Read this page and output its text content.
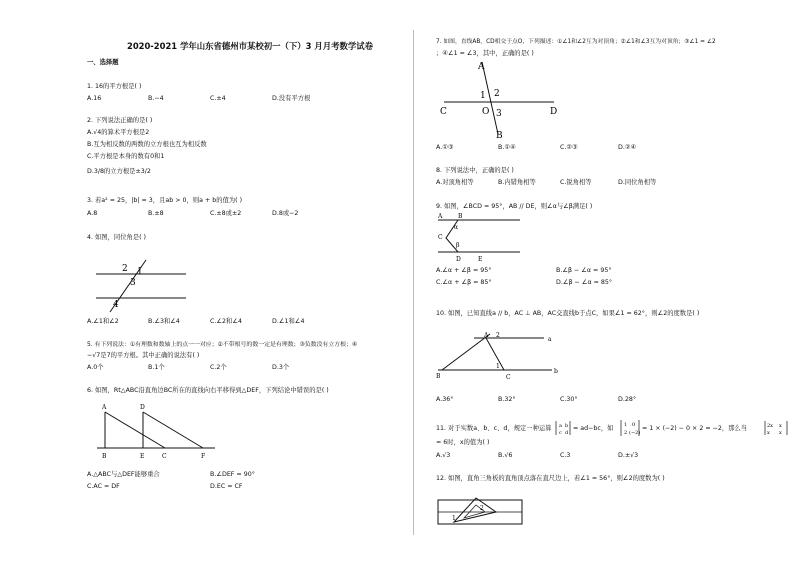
2020-2021 学年山东省德州市某校初一（下）3 月月考数学试卷
一、选择题
1. 16的平方根是( )
A.16	B.−4	C.±4	D.没有平方根
2. 下列说法正确的是( )
A.√4的算术平方根是2
B.互为相反数的两数的立方根也互为相反数
C.平方根是本身的数有0和1
D.3/8的立方根是±3/2
3. 若a² = 25，|b| = 3，且ab > 0，则a + b的值为( )
A.8	B.±8	C.±8或±2	D.8或−2
4. 如图，同位角是( )
2 1
3
4
A.∠1和∠2	B.∠3和∠4	C.∠2和∠4	D.∠1和∠4
5. 有下列说法：①有理数和数轴上的点一一对应；②不带根号的数一定是有理数；③负数没有立方根；④
−√7是7的平方根。其中正确的说法有( )
A.0个	B.1个	C.2个	D.3个
6. 如图，Rt△ABC沿直角边BC所在的直线向右平移得到△DEF，下列结论中错误的是( )
A	D
B	E	C	F
A.△ABC与△DEF能够重合	B.∠DEF = 90°
C.AC = DF	D.EC = CF
7. 如图，直线AB，CD相交于点O，下列描述：①∠1和∠2互为对顶角；②∠1和∠3互为对顶角；③∠1 = ∠2
；④∠1 = ∠3，其中，正确的是( )
A
1 2
C	O 3	D
B
A.①③	B.①④	C.②③	D.②④
8. 下列说法中，正确的是( )
A.对顶角相等	B.内错角相等	C.锐角相等	D.同位角相等
9. 如图，∠BCD = 95°，AB // DE，则∠α与∠β满足( )
A	B
α
C
β
D	E
A.∠α + ∠β = 95°	B.∠β − ∠α = 95°
C.∠α + ∠β = 85°	D.∠β − ∠α = 85°
10. 如图，已知直线a // b，AC ⊥ AB，AC交直线b于点C，如果∠1 = 62°，则∠2的度数是( )
A 2
a
1
B	C
b
A.36°	B.32°	C.30°	D.28°
11. 对于实数a、b、c、d，规定一种运算 a b
c d
= ad−bc，如 1 0
2 (−2)
= 1 × (−2) − 0 × 2 = −2，那么当	2x x
x x
= 6时，x的值为( )
A.√3	B.√6	C.3	D.±√3
12. 如图，直角三角板的直角顶点落在直尺边上，若∠1 = 56°，则∠2的度数为( )
1
2
